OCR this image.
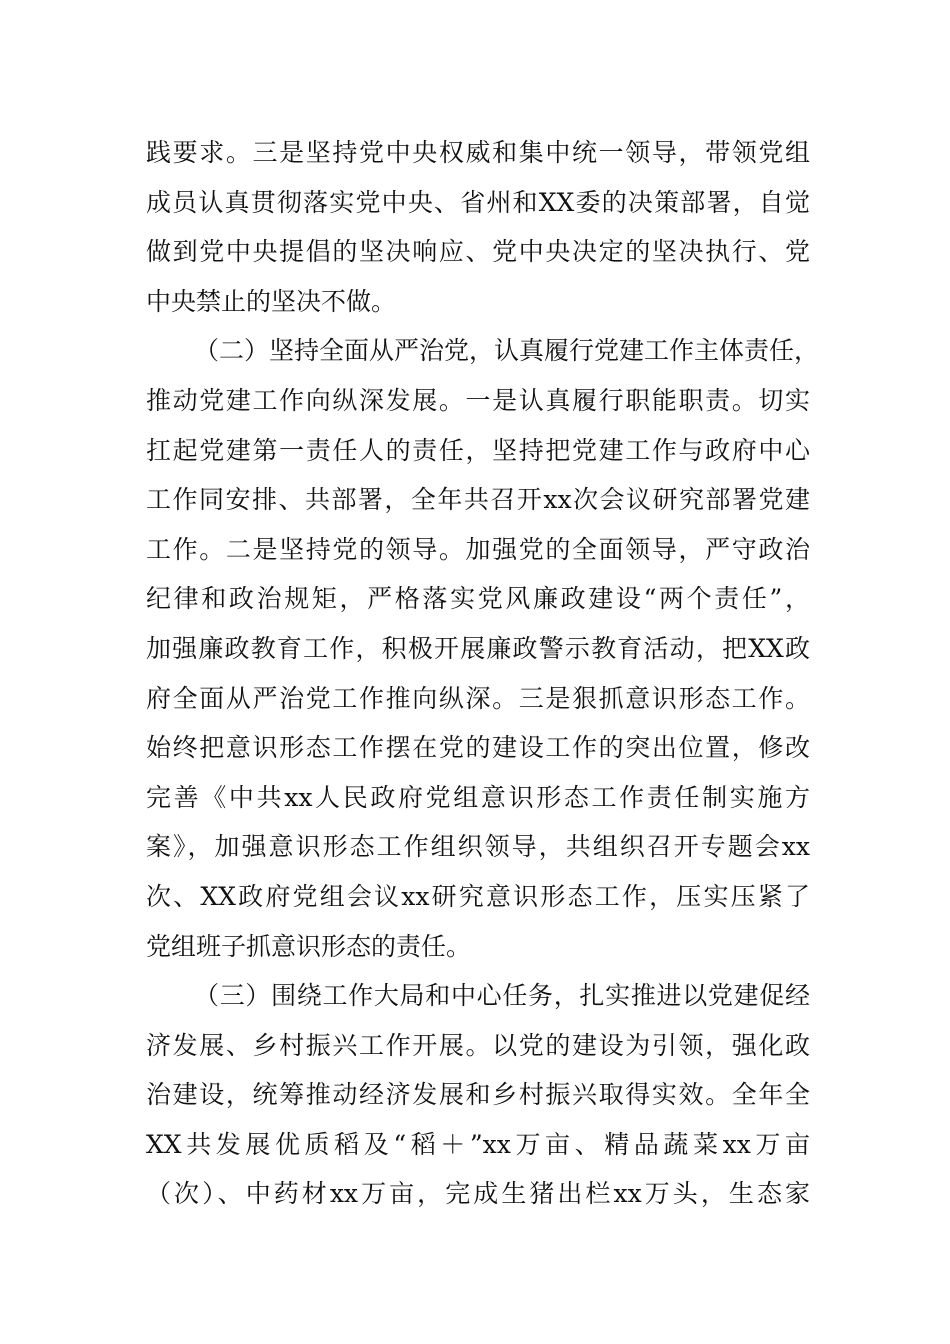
践要求。三是坚持党中央权威和集中统一领导，带领党组
成员认真贯彻落实党中央、省州和XX委的决策部署，自觉
做到党中央提倡的坚决响应、党中央决定的坚决执行、党
中央禁止的坚决不做。
（二）坚持全面从严治党，认真履行党建工作主体责任，
推动党建工作向纵深发展。一是认真履行职能职责。切实
扛起党建第一责任人的责任，坚持把党建工作与政府中心
工作同安排、共部署，全年共召开xx次会议研究部署党建
工作。二是坚持党的领导。加强党的全面领导，严守政治
纪律和政治规矩，严格落实党风廉政建设“两个责任”，
加强廉政教育工作，积极开展廉政警示教育活动，把XX政
府全面从严治党工作推向纵深。三是狠抓意识形态工作。
始终把意识形态工作摆在党的建设工作的突出位置，修改
完善《中共xx人民政府党组意识形态工作责任制实施方
案》，加强意识形态工作组织领导，共组织召开专题会xx
次、XX政府党组会议xx研究意识形态工作，压实压紧了
党组班子抓意识形态的责任。
（三）围绕工作大局和中心任务，扎实推进以党建促经
济发展、乡村振兴工作开展。以党的建设为引领，强化政
治建设，统筹推动经济发展和乡村振兴取得实效。全年全
XX共发展优质稻及“稻＋”xx万亩、精品蔬菜xx万亩
（次）、中药材xx万亩，完成生猪出栏xx万头，生态家
